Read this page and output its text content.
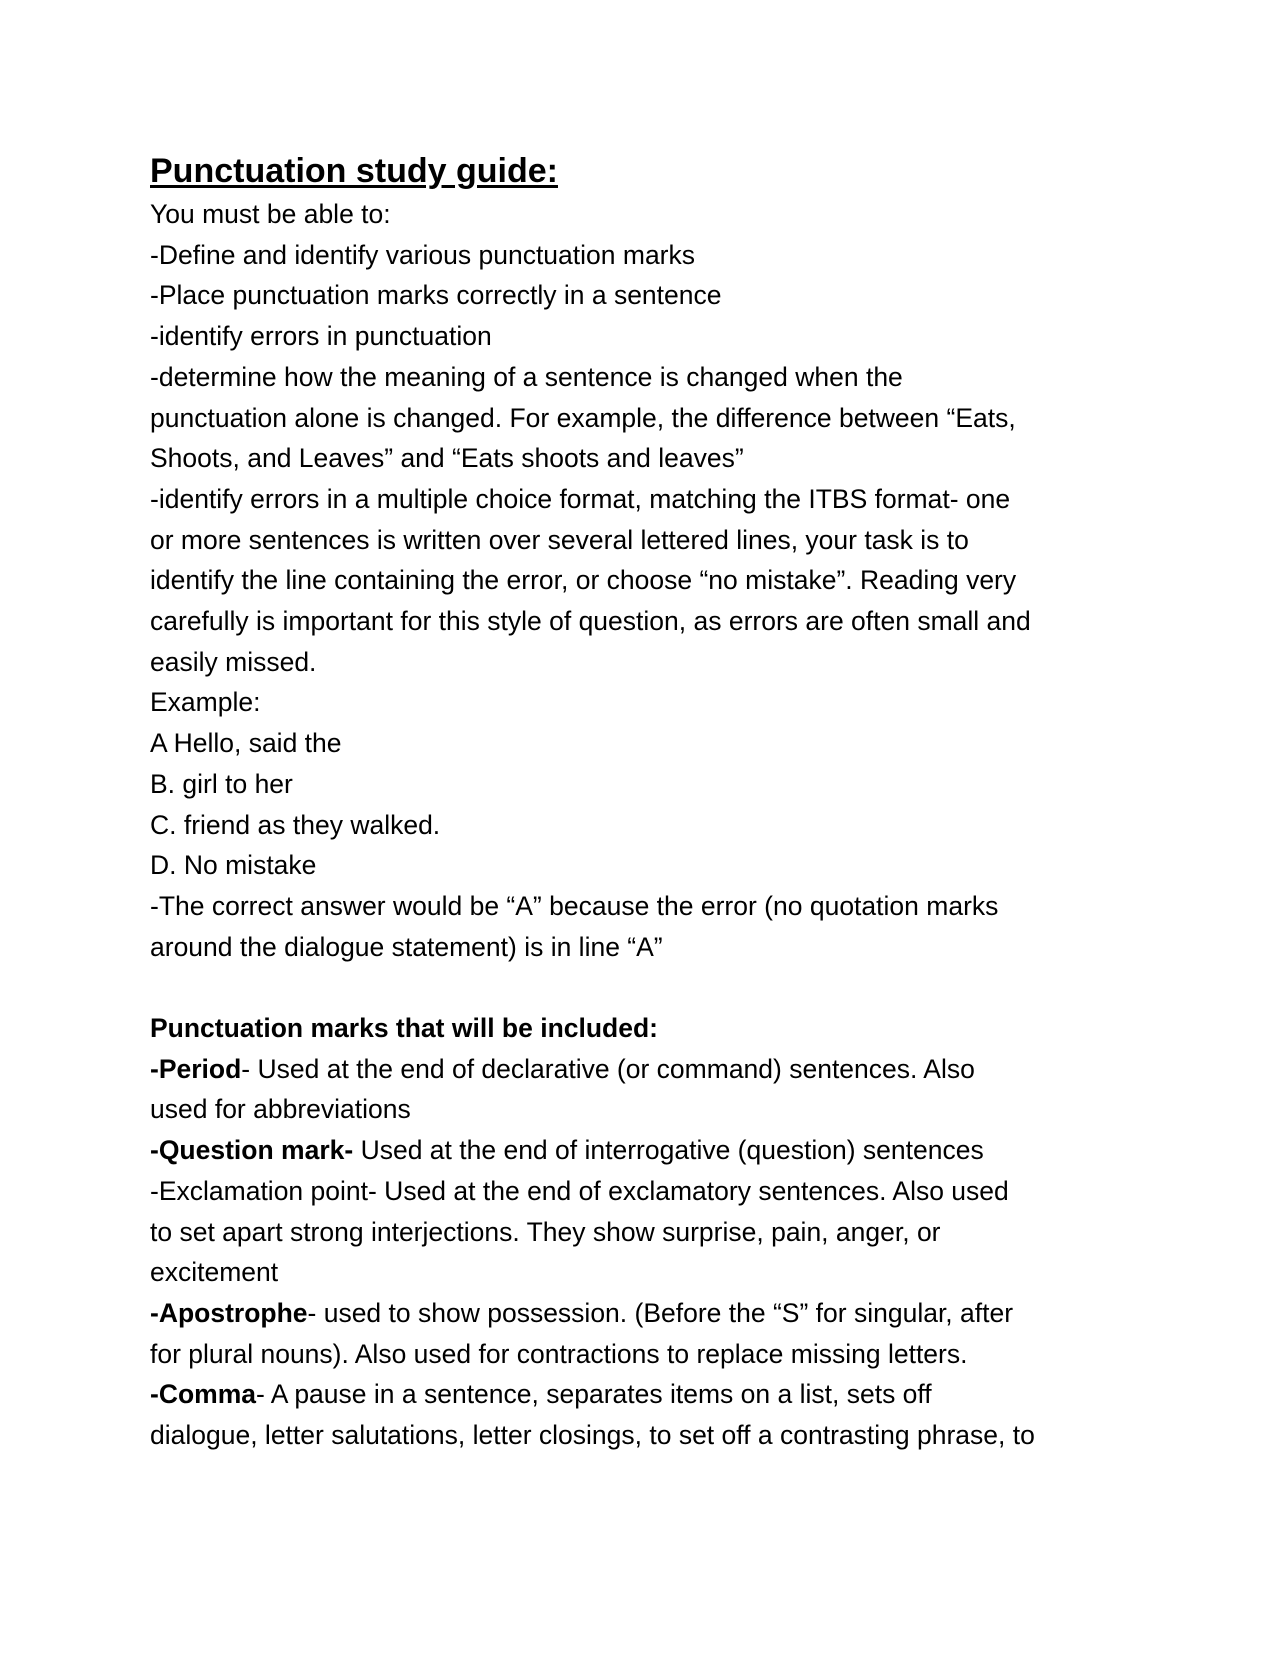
Punctuation study guide:
You must be able to:
-Define and identify various punctuation marks
-Place punctuation marks correctly in a sentence
-identify errors in punctuation
-determine how the meaning of a sentence is changed when the
punctuation alone is changed. For example, the difference between “Eats,
Shoots, and Leaves” and “Eats shoots and leaves”
-identify errors in a multiple choice format, matching the ITBS format- one
or more sentences is written over several lettered lines, your task is to
identify the line containing the error, or choose “no mistake”. Reading very
carefully is important for this style of question, as errors are often small and
easily missed.
Example:
A Hello, said the
B. girl to her
C. friend as they walked.
D. No mistake
-The correct answer would be “A” because the error (no quotation marks
around the dialogue statement) is in line “A”
Punctuation marks that will be included:
-Period- Used at the end of declarative (or command) sentences. Also
used for abbreviations
-Question mark- Used at the end of interrogative (question) sentences
-Exclamation point- Used at the end of exclamatory sentences. Also used
to set apart strong interjections. They show surprise, pain, anger, or
excitement
-Apostrophe- used to show possession. (Before the “S” for singular, after
for plural nouns). Also used for contractions to replace missing letters.
-Comma- A pause in a sentence, separates items on a list, sets off
dialogue, letter salutations, letter closings, to set off a contrasting phrase, to
